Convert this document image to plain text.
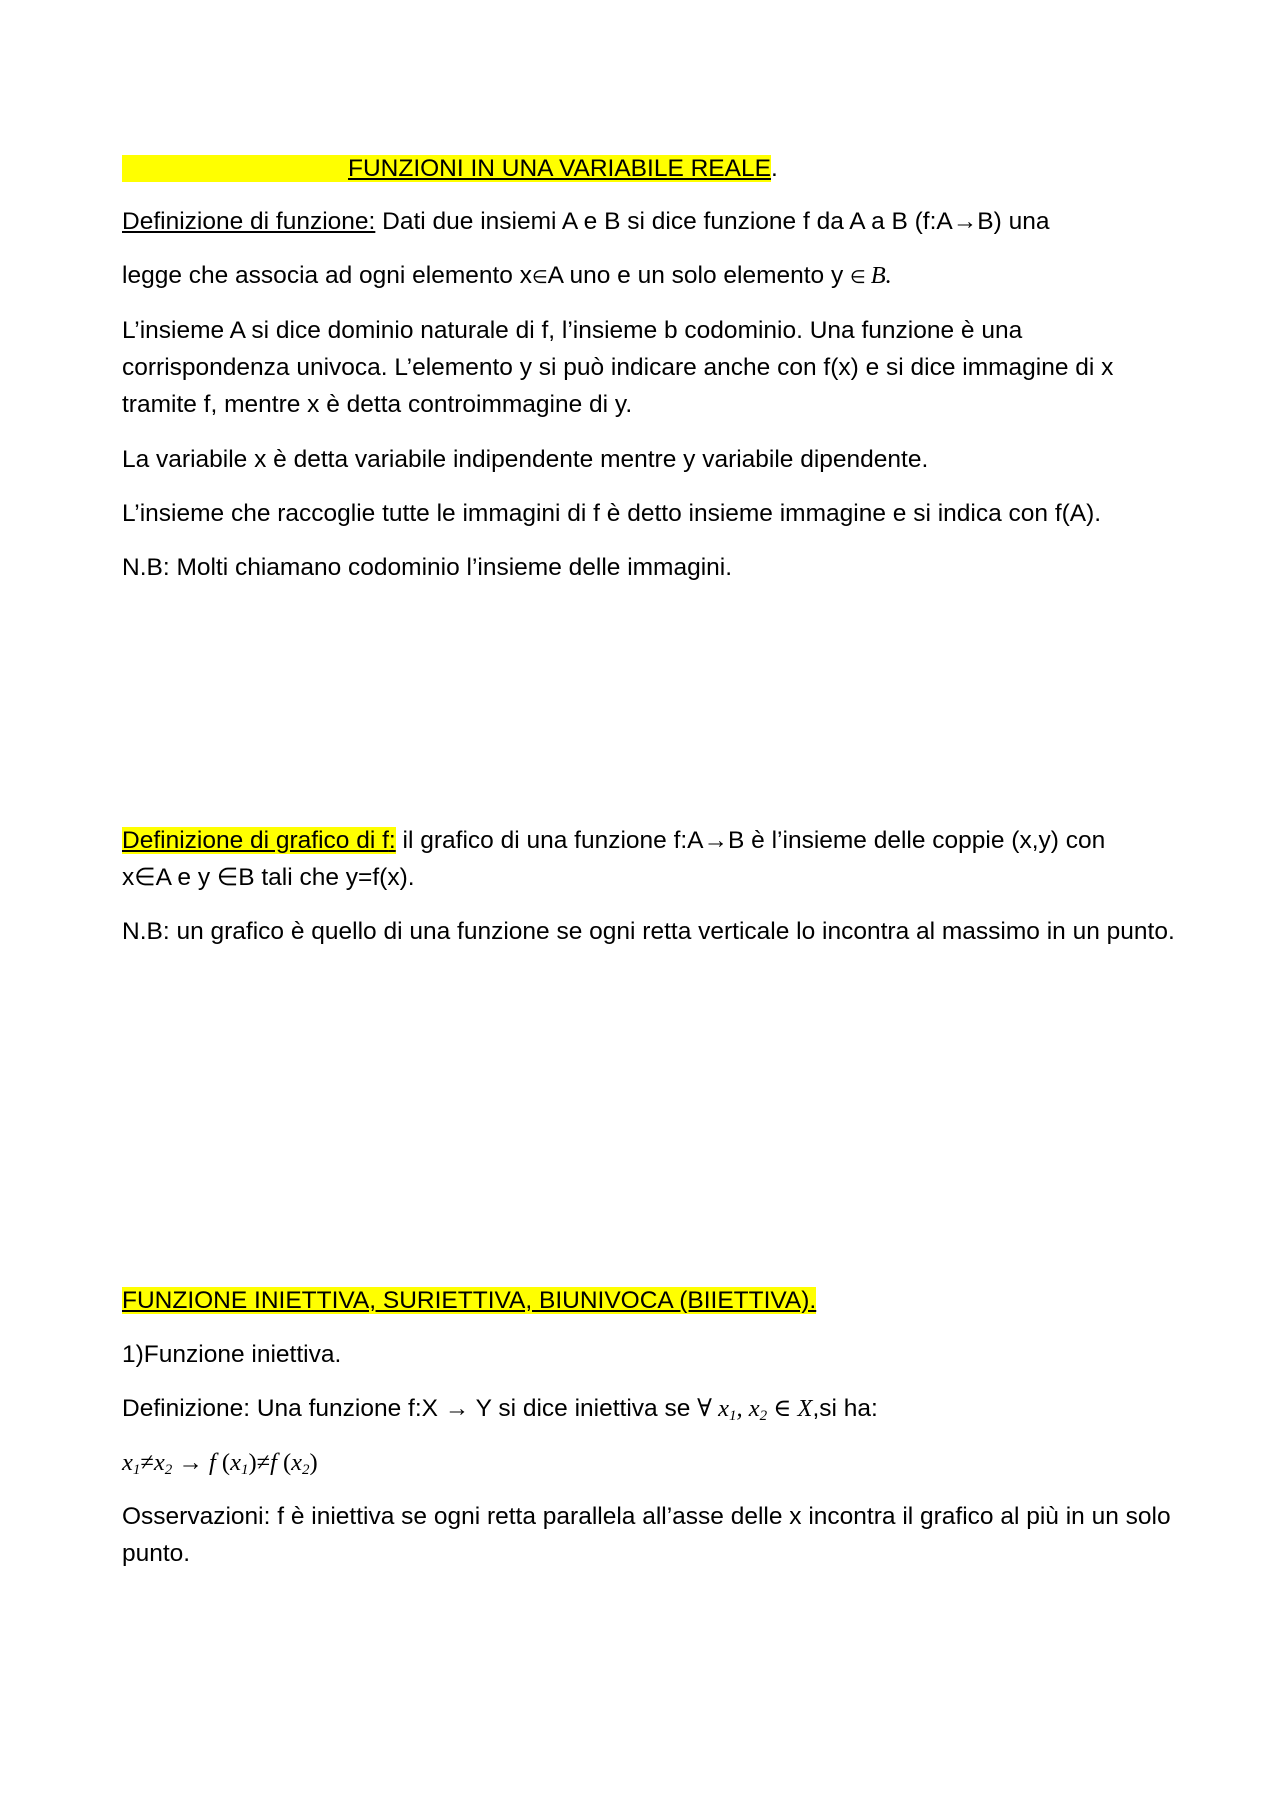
FUNZIONI IN UNA VARIABILE REALE.
Definizione di funzione: Dati due insiemi A e B si dice funzione f da A a B (f:A→B) una
legge che associa ad ogni elemento x∈A uno e un solo elemento y ∈ B.
L’insieme A si dice dominio naturale di f, l’insieme b codominio. Una funzione è una corrispondenza univoca. L’elemento y si può indicare anche con f(x) e si dice immagine di x tramite f, mentre x è detta controimmagine di y.
La variabile x è detta variabile indipendente mentre y variabile dipendente.
L’insieme che raccoglie tutte le immagini di f è detto insieme immagine e si indica con f(A).
N.B: Molti chiamano codominio l’insieme delle immagini.
Definizione di grafico di f: il grafico di una funzione f:A→B è l’insieme delle coppie (x,y) con
x∈A e y ∈B tali che y=f(x).
N.B: un grafico è quello di una funzione se ogni retta verticale lo incontra al massimo in un punto.
FUNZIONE INIETTIVA, SURIETTIVA, BIUNIVOCA (BIIETTIVA).
1)Funzione iniettiva.
Definizione: Una funzione f:X → Y si dice iniettiva se ∀ $x_1$, $x_2$ ∈ X,si ha:
$x_1\ne x_2 \to f$ $(x_1)\ne f$ $(x_2)$
Osservazioni: f è iniettiva se ogni retta parallela all’asse delle x incontra il grafico al più in un solo punto.
